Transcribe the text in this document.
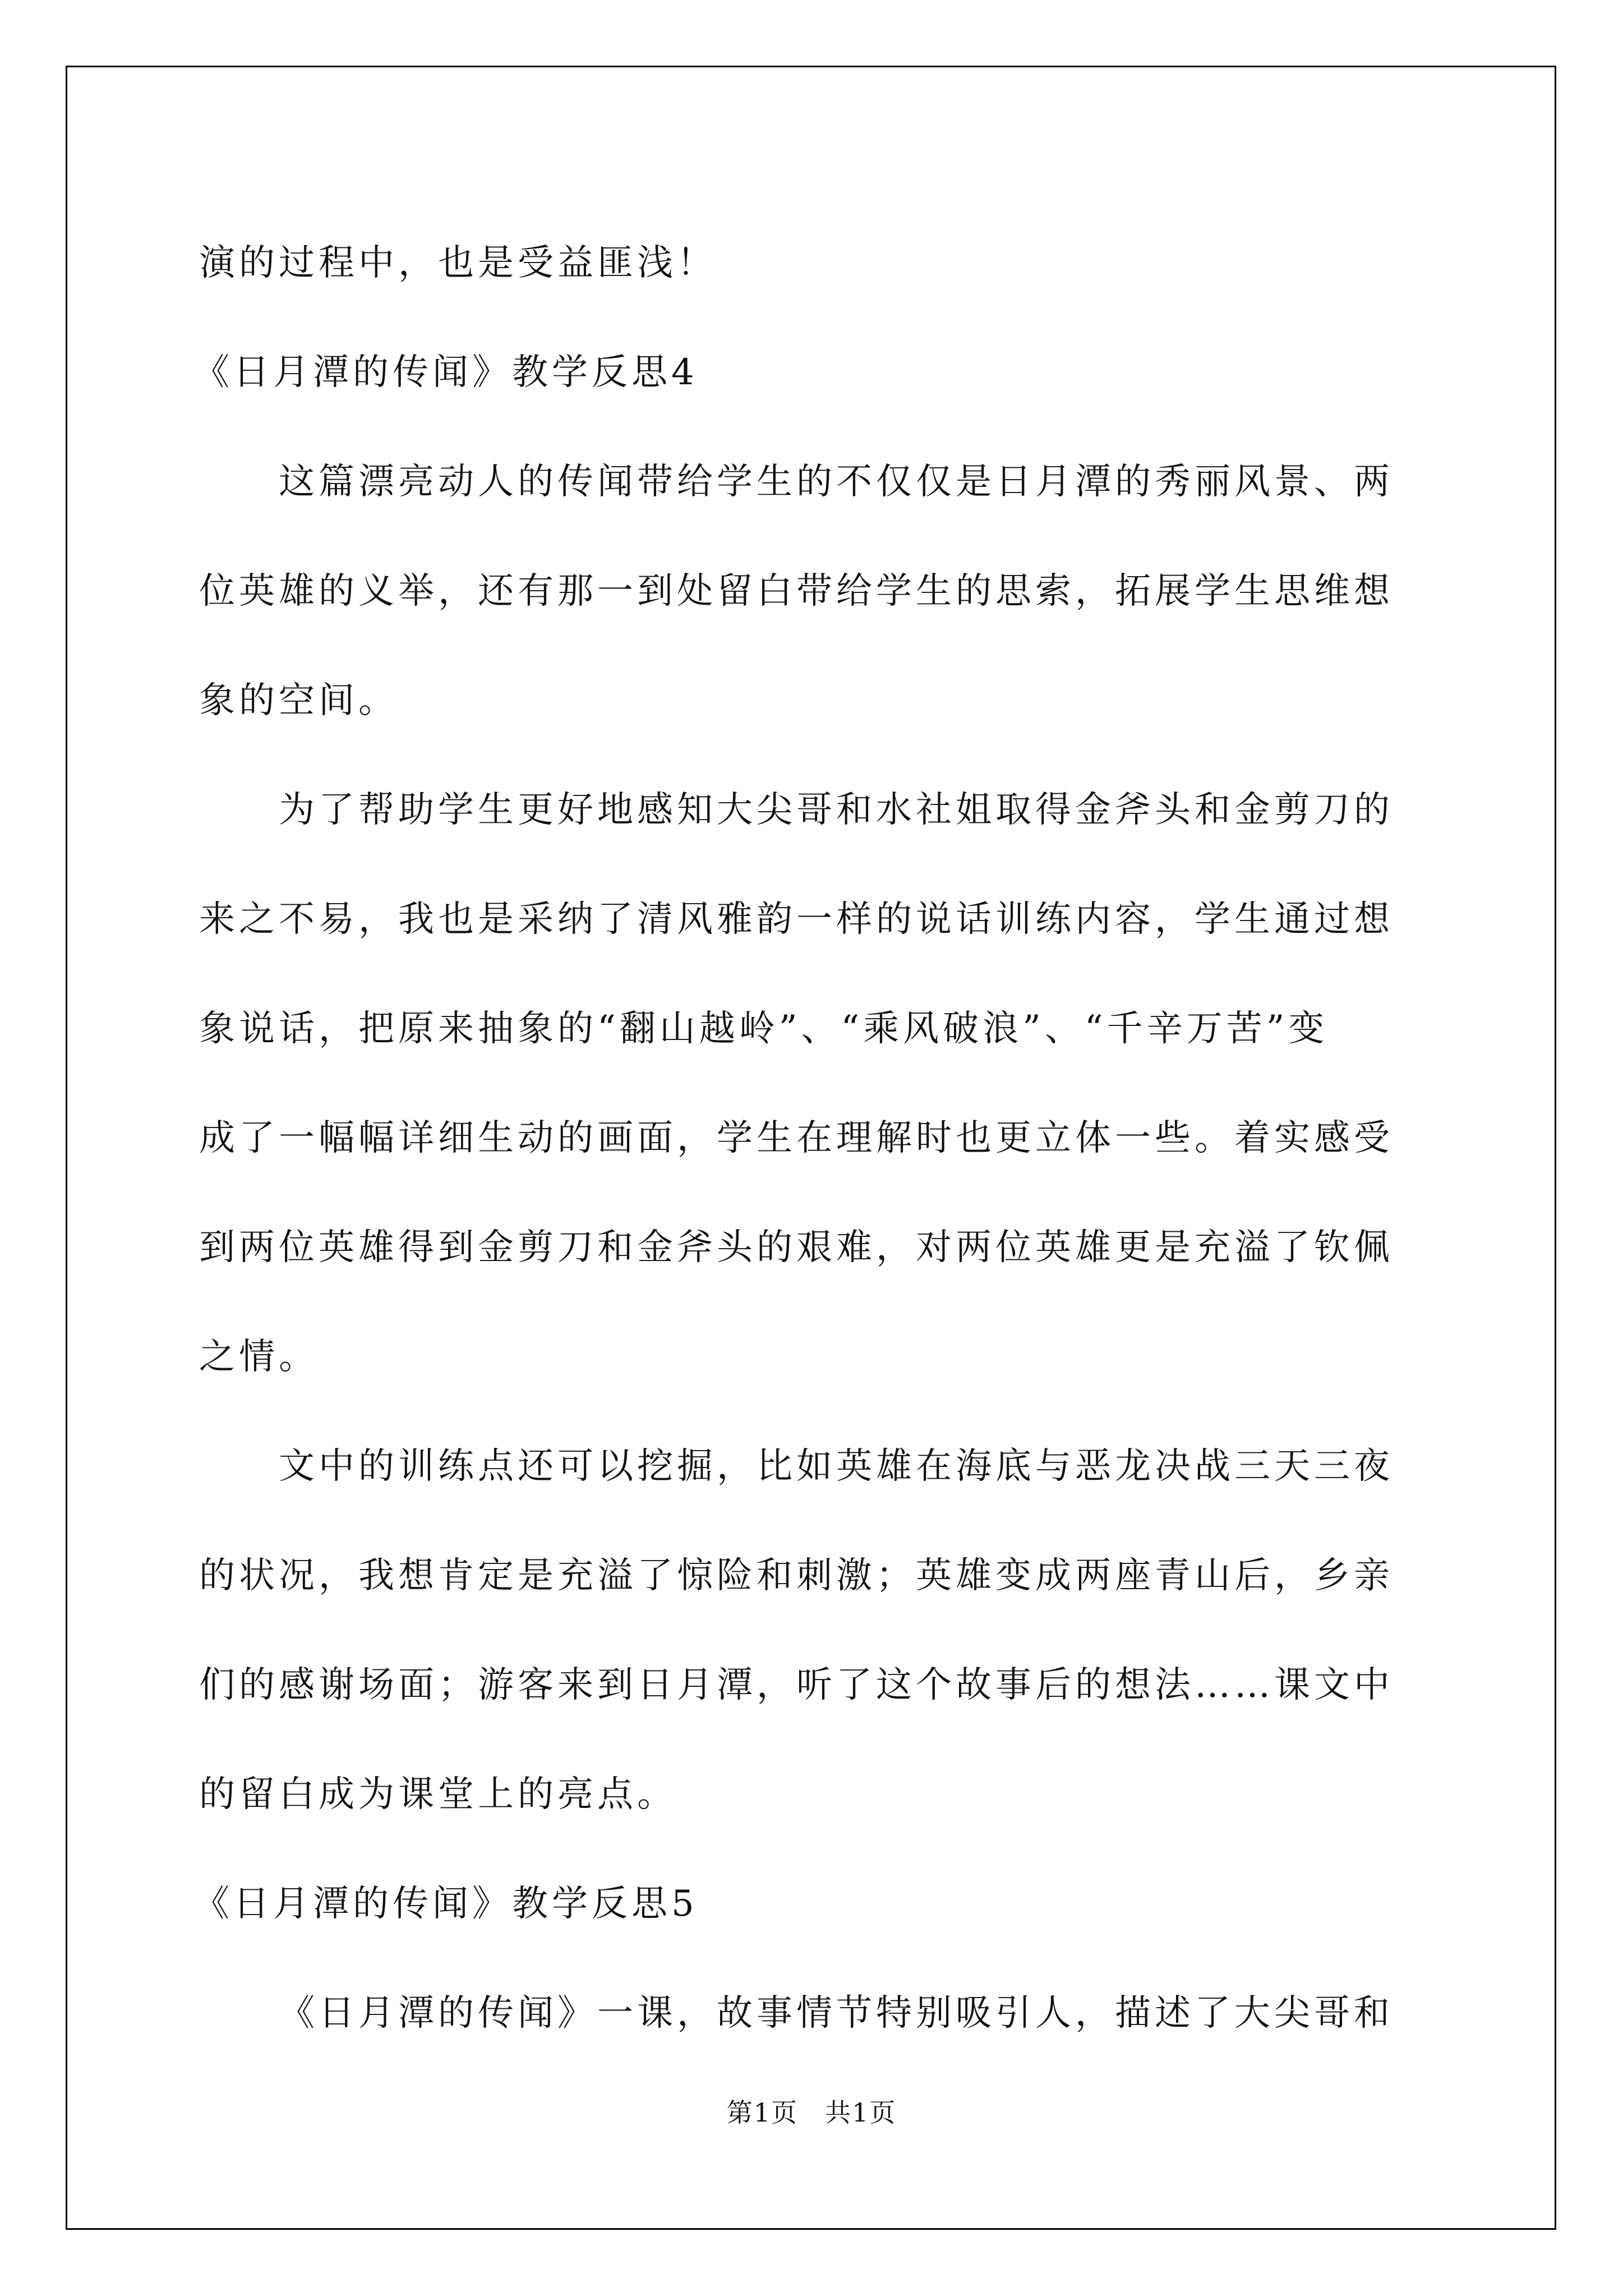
演的过程中，也是受益匪浅！
《日月潭的传闻》教学反思4
这篇漂亮动人的传闻带给学生的不仅仅是日月潭的秀丽风景、两
位英雄的义举，还有那一到处留白带给学生的思索，拓展学生思维想
象的空间。
为了帮助学生更好地感知大尖哥和水社姐取得金斧头和金剪刀的
来之不易，我也是采纳了清风雅韵一样的说话训练内容，学生通过想
象说话，把原来抽象的“翻山越岭”、“乘风破浪”、“千辛万苦”变
成了一幅幅详细生动的画面，学生在理解时也更立体一些。着实感受
到两位英雄得到金剪刀和金斧头的艰难，对两位英雄更是充溢了钦佩
之情。
文中的训练点还可以挖掘，比如英雄在海底与恶龙决战三天三夜
的状况，我想肯定是充溢了惊险和刺激；英雄变成两座青山后，乡亲
们的感谢场面；游客来到日月潭，听了这个故事后的想法……课文中
的留白成为课堂上的亮点。
《日月潭的传闻》教学反思5
《日月潭的传闻》一课，故事情节特别吸引人，描述了大尖哥和
第1页　共1页
